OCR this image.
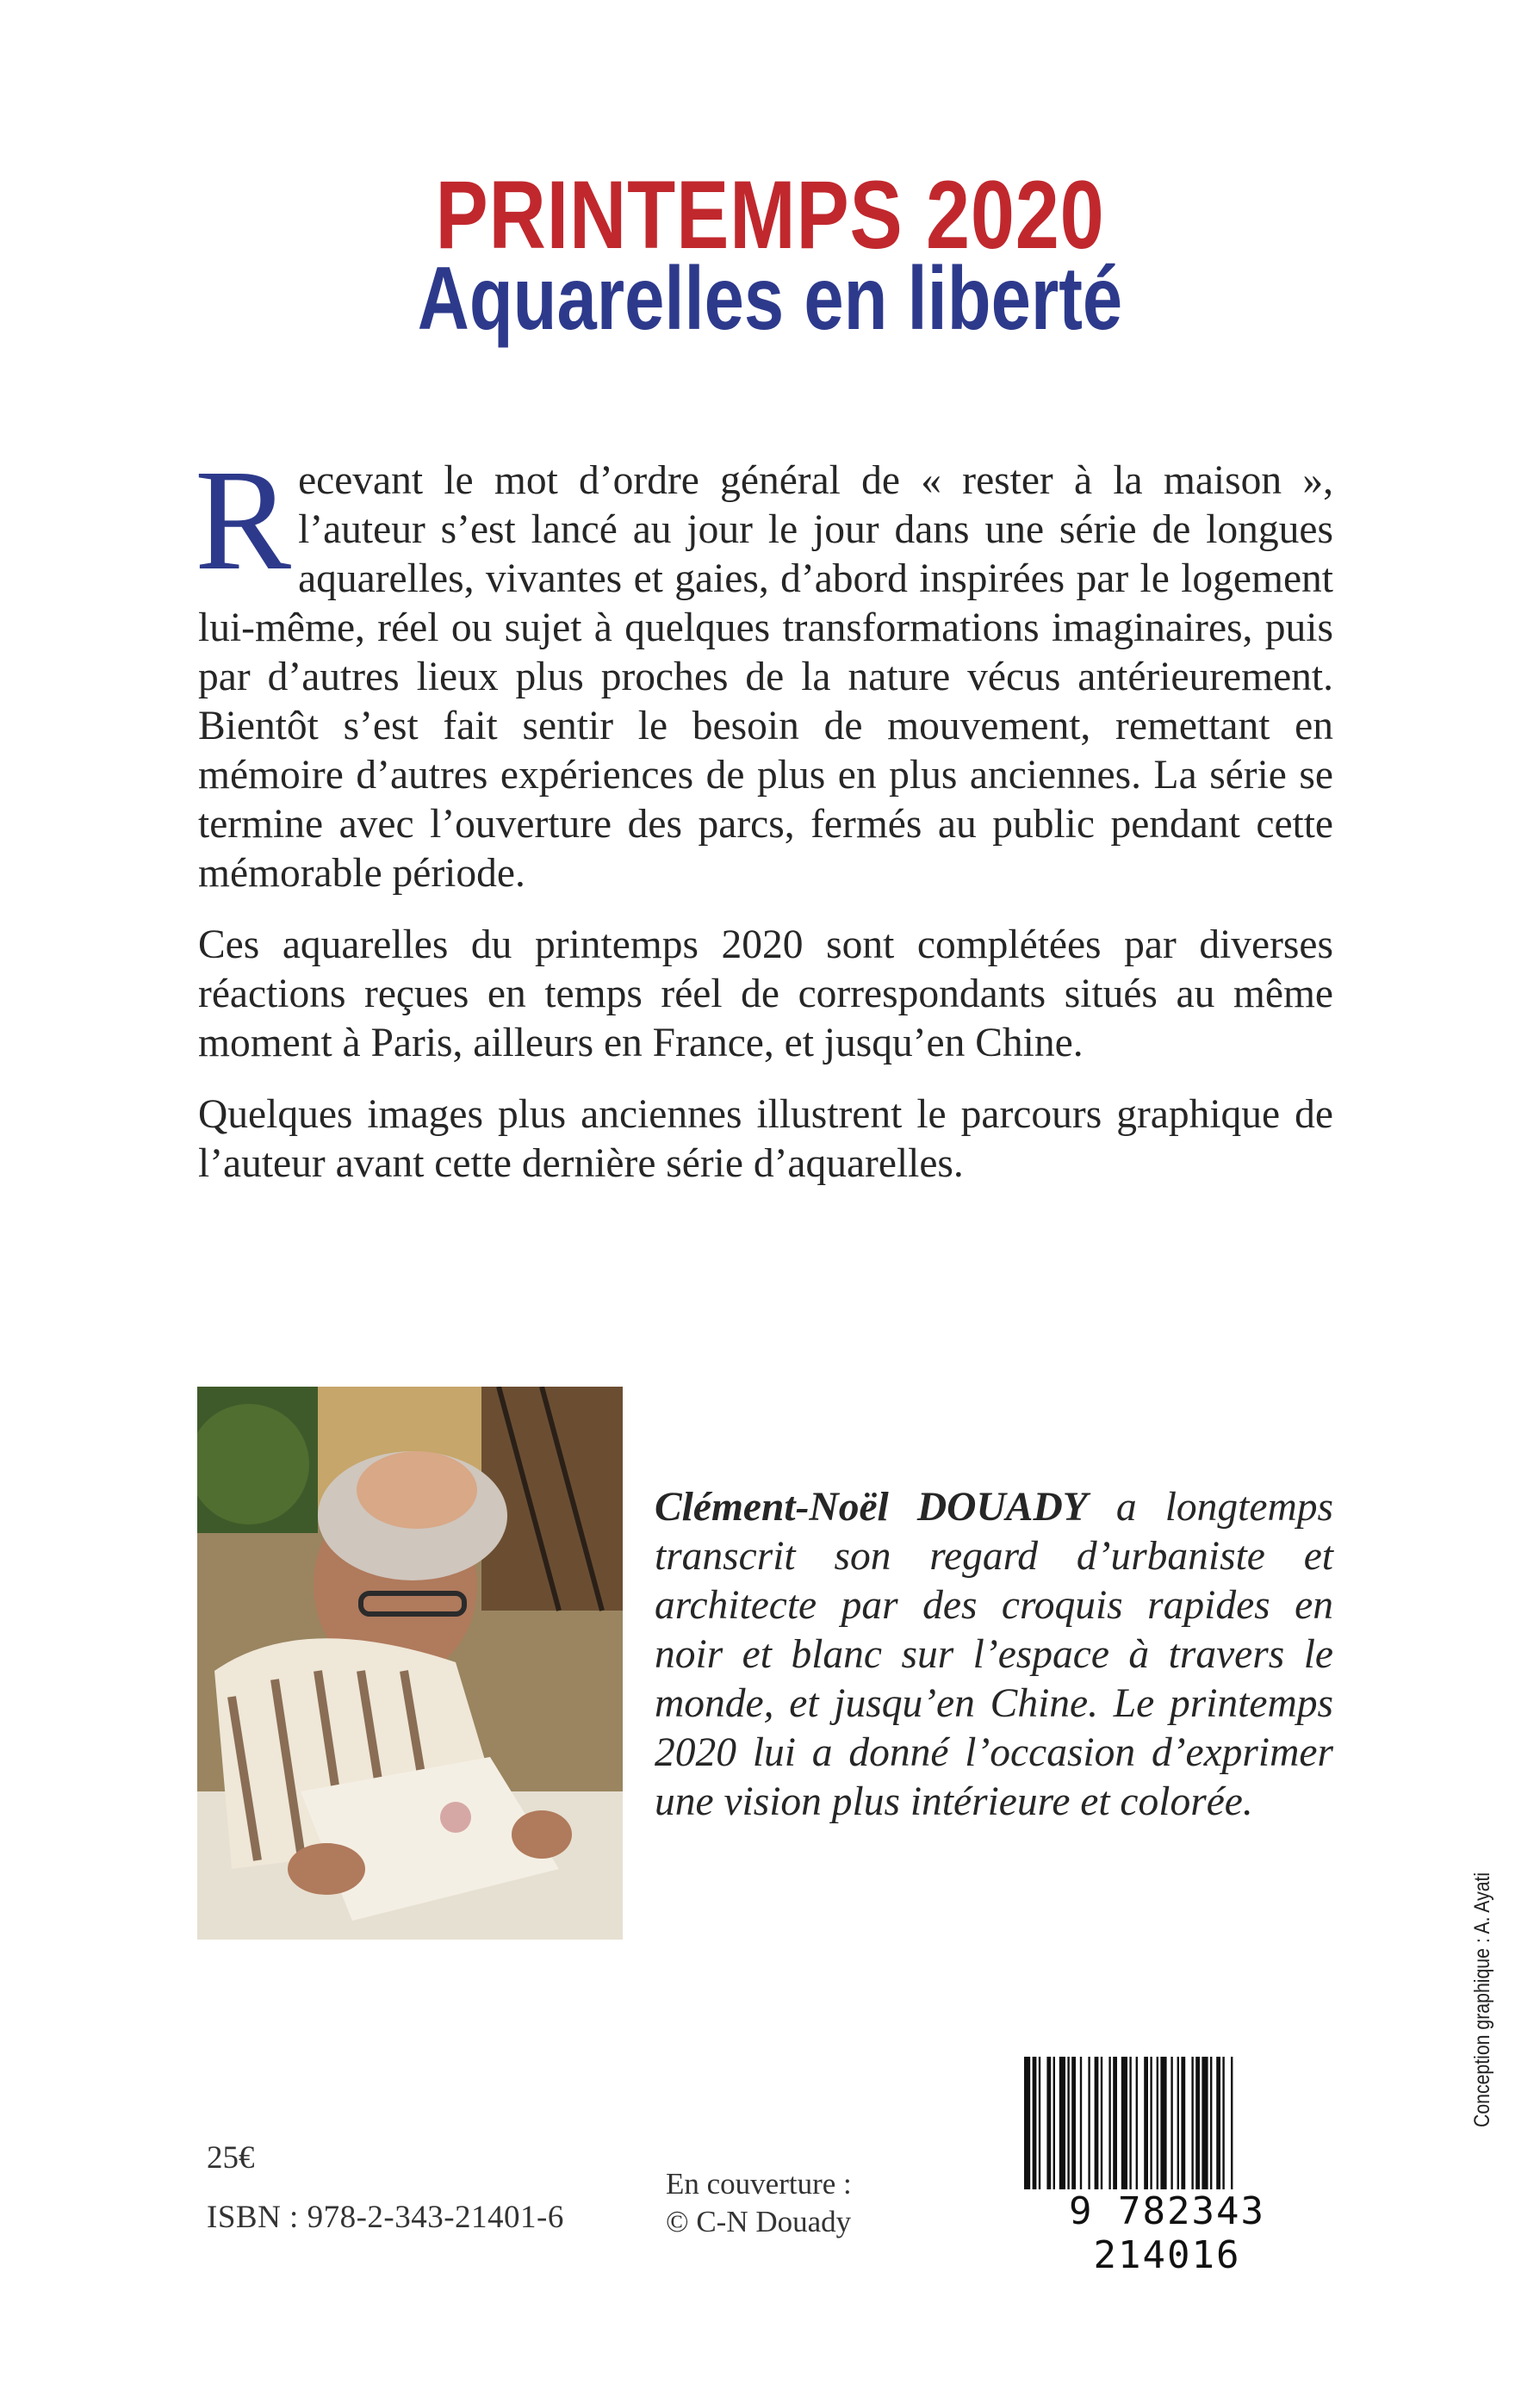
PRINTEMPS 2020
Aquarelles en liberté

Recevant le mot d’ordre général de « rester à la maison », l’auteur s’est lancé au jour le jour dans une série de longues aquarelles, vivantes et gaies, d’abord inspirées par le logement lui-même, réel ou sujet à quelques transformations imaginaires, puis par d’autres lieux plus proches de la nature vécus antérieurement. Bientôt s’est fait sentir le besoin de mouvement, remettant en mémoire d’autres expériences de plus en plus anciennes. La série se termine avec l’ouverture des parcs, fermés au public pendant cette mémorable période.

Ces aquarelles du printemps 2020 sont complétées par diverses réactions reçues en temps réel de correspondants situés au même moment à Paris, ailleurs en France, et jusqu’en Chine.

Quelques images plus anciennes illustrent le parcours graphique de l’auteur avant cette dernière série d’aquarelles.

Clément-Noël DOUADY a longtemps transcrit son regard d’urbaniste et architecte par des croquis rapides en noir et blanc sur l’espace à travers le monde, et jusqu’en Chine. Le printemps 2020 lui a donné l’occasion d’exprimer une vision plus intérieure et colorée.
Conception graphique : A. Ayati
25€
ISBN : 978-2-343-21401-6
En couverture :
© C-N Douady	9 782343 214016
